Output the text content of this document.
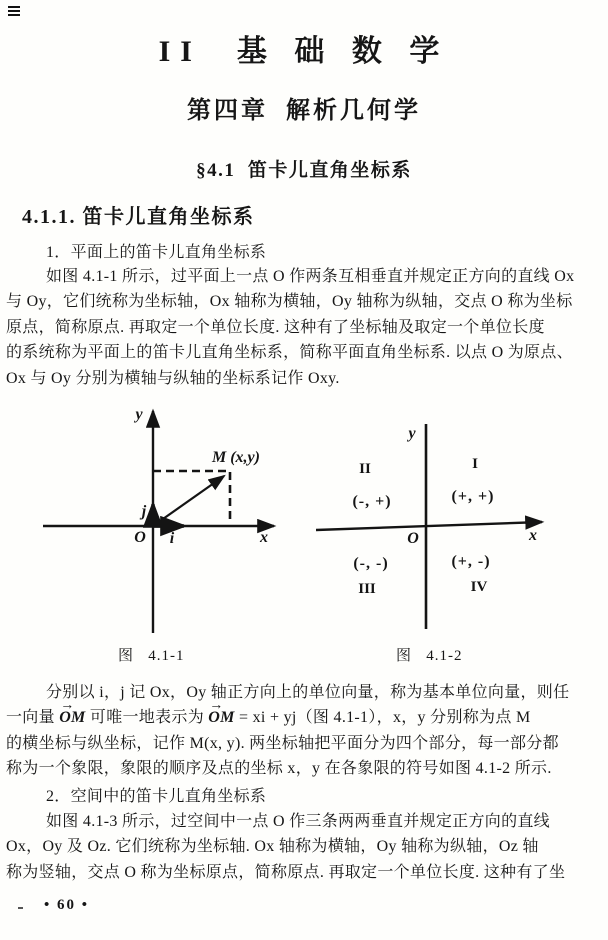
II  基 础 数 学
第四章  解析几何学
§4.1  笛卡儿直角坐标系
4.1.1. 笛卡儿直角坐标系
1．平面上的笛卡儿直角坐标系
如图 4.1-1 所示，过平面上一点 O 作两条互相垂直并规定正方向的直线 Ox
与 Oy，它们统称为坐标轴，Ox 轴称为横轴，Oy 轴称为纵轴，交点 O 称为坐标
原点，简称原点. 再取定一个单位长度. 这种有了坐标轴及取定一个单位长度
的系统称为平面上的笛卡儿直角坐标系，简称平面直角坐标系. 以点 O 为原点、
Ox 与 Oy 分别为横轴与纵轴的坐标系记作 Oxy.
y
x
O i
j
M (x,y)
y
x
O
I
(+, +)
II
(-, +)
(-, -)
III
(+, -)
IV
图   4.1-1	图   4.1-2
分别以 i，j 记 Ox，Oy 轴正方向上的单位向量，称为基本单位向量，则任
一向量
→
OM 可唯一地表示为
→
OM = xi + yj（图 4.1-1），x，y 分别称为点 M
的横坐标与纵坐标，记作 M(x, y). 两坐标轴把平面分为四个部分，每一部分都
称为一个象限，象限的顺序及点的坐标 x，y 在各象限的符号如图 4.1-2 所示.
2．空间中的笛卡儿直角坐标系
如图 4.1-3 所示，过空间中一点 O 作三条两两垂直并规定正方向的直线
Ox，Oy 及 Oz. 它们统称为坐标轴. Ox 轴称为横轴，Oy 轴称为纵轴，Oz 轴
称为竖轴，交点 O 称为坐标原点，简称原点. 再取定一个单位长度. 这种有了坐
• 60 •
